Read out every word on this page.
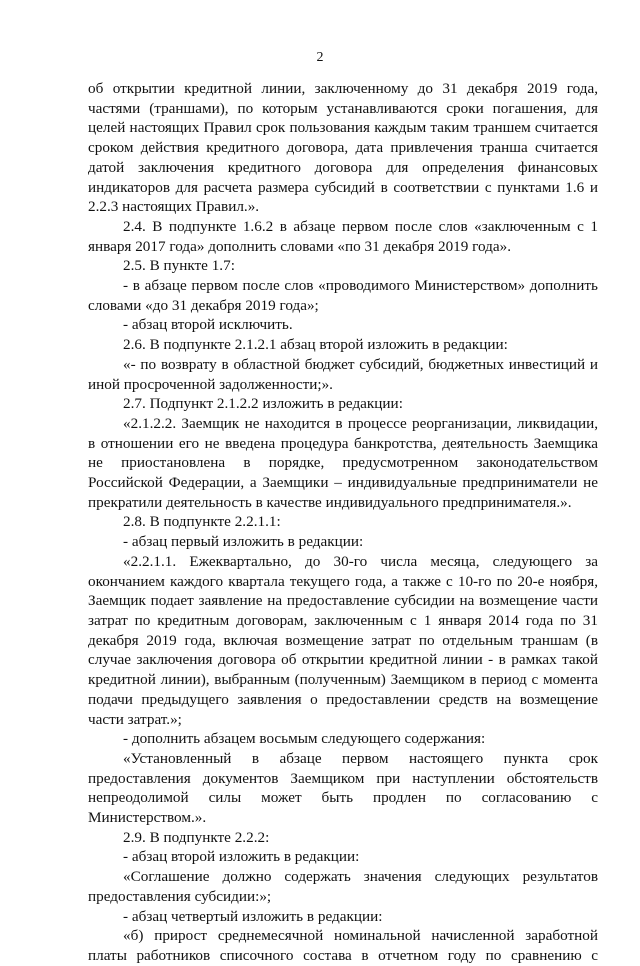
2

об открытии кредитной линии, заключенному до 31 декабря 2019 года, частями (траншами), по которым устанавливаются сроки погашения, для целей настоящих Правил срок пользования каждым таким траншем считается сроком действия кредитного договора, дата привлечения транша считается датой заключения кредитного договора для определения финансовых индикаторов для расчета размера субсидий в соответствии с пунктами 1.6 и 2.2.3 настоящих Правил.».

2.4. В подпункте 1.6.2 в абзаце первом после слов «заключенным с 1 января 2017 года» дополнить словами «по 31 декабря 2019 года».

2.5. В пункте 1.7:

- в абзаце первом после слов «проводимого Министерством» дополнить словами «до 31 декабря 2019 года»;

- абзац второй исключить.

2.6. В подпункте 2.1.2.1 абзац второй изложить в редакции:

«- по возврату в областной бюджет субсидий, бюджетных инвестиций и иной просроченной задолженности;».

2.7. Подпункт 2.1.2.2 изложить в редакции:

«2.1.2.2. Заемщик не находится в процессе реорганизации, ликвидации, в отношении его не введена процедура банкротства, деятельность Заемщика не приостановлена в порядке, предусмотренном законодательством Российской Федерации, а Заемщики – индивидуальные предприниматели не прекратили деятельность в качестве индивидуального предпринимателя.».

2.8. В подпункте 2.2.1.1:

- абзац первый изложить в редакции:

«2.2.1.1. Ежеквартально, до 30-го числа месяца, следующего за окончанием каждого квартала текущего года, а также с 10-го по 20-е ноября, Заемщик подает заявление на предоставление субсидии на возмещение части затрат по кредитным договорам, заключенным с 1 января 2014 года по 31 декабря 2019 года, включая возмещение затрат по отдельным траншам (в случае заключения договора об открытии кредитной линии - в рамках такой кредитной линии), выбранным (полученным) Заемщиком в период с момента подачи предыдущего заявления о предоставлении средств на возмещение части затрат.»;

- дополнить абзацем восьмым следующего содержания:

«Установленный в абзаце первом настоящего пункта срок предоставления документов Заемщиком при наступлении обстоятельств непреодолимой силы может быть продлен по согласованию с Министерством.».

2.9. В подпункте 2.2.2:

- абзац второй изложить в редакции:

«Соглашение должно содержать значения следующих результатов предоставления субсидии:»;

- абзац четвертый изложить в редакции:

«б) прирост среднемесячной номинальной начисленной заработной платы работников списочного состава в отчетном году по сравнению с
